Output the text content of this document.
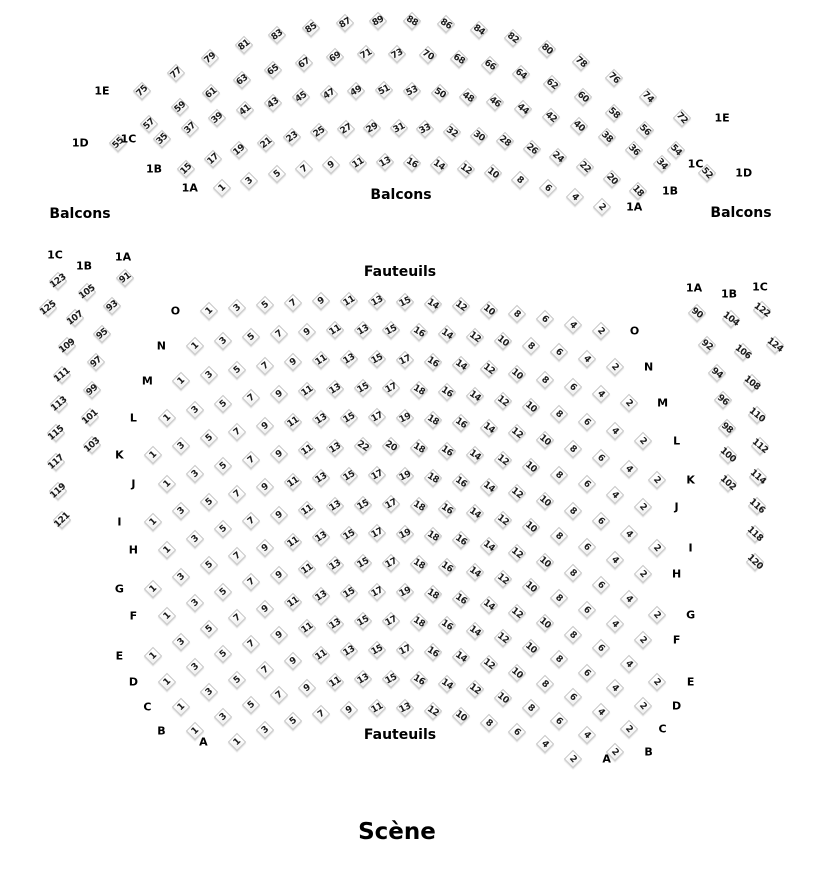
Balcons
Balcons
Balcons
Fauteuils
Fauteuils
Scène
75
77
79
81
83
85	87	89	88	86	84
82
80
78
76
74
72
1E
1E
55
57
59
61
63
65
67	69	71	73	70	68	66
64
62
60
58
56
54
52
1D
1D
35
37
39
41	43	45	47	49	51	53	50	48	46	44
42
40
38
36
34
1C
1C
15
17
19	21	23	25	27	29	31	33	32	30	28	26
24
22
20
18
1B
1B
1
3
5	7	9	11	13	16	14	12	10	8
6
4
2
1A
1A
1	3	5	7	9	11	13	15	14	12	10	8	6
4
2
O
O
1	3	5	7	9	11	13	15	16	14	12	10	8
6
4
2
N
N
1
3	5	7	9	11	13	15	17	16	14	12	10	8
6
4
2
M
M
1
3
5	7	9	11	13	15	17	18	16	14	12	10	8
6
4
2
L
L
1
3
5
7	9	11	13	15	17	19	18	16	14	12	10
8
6
4
2
K
K
1
3
5
7	9	11	13	22	20	18	16	14	12	10
8
6
4
2
J
J
1
3
5
7
9	11	13	15	17	19	18	16	14	12
10
8
6
4
2
I
I
1
3
5
7
9	11	13	15	17	18	16	14	12
10
8
6
4
2
H
H
1
3
5
7
9	11	13	15	17	19	18	16	14	12
10
8
6
4
2
G
G
1
3
5
7
9	11	13	15	17	18	16	14	12
10
8
6
4
2
F
F
1
3
5
7
9	11	13	15	17	19	18	16	14
12
10
8
6
4
2
E
E
1
3
5
7
9	11	13	15	17	18	16	14	12
10
8
6
4
2
D
D
1
3
5
7
9	11	13	15	17	16	14	12
10
8
6
4
2
C
C
1
3
5
7
9	11	13	15	16	14	12
10
8
6
4
2
B
B
1
3
5
7	9	11	13	12	10	8
6
4
2
A
A
123
125
1C
105
107
109
111
113
115
117
119
121
1B
91
93
95
97
99
101
103
1A
90
92
94
96
98
100
102
1A
104
106
108
110
112
114
116
118
120
1B
122
124
1C
